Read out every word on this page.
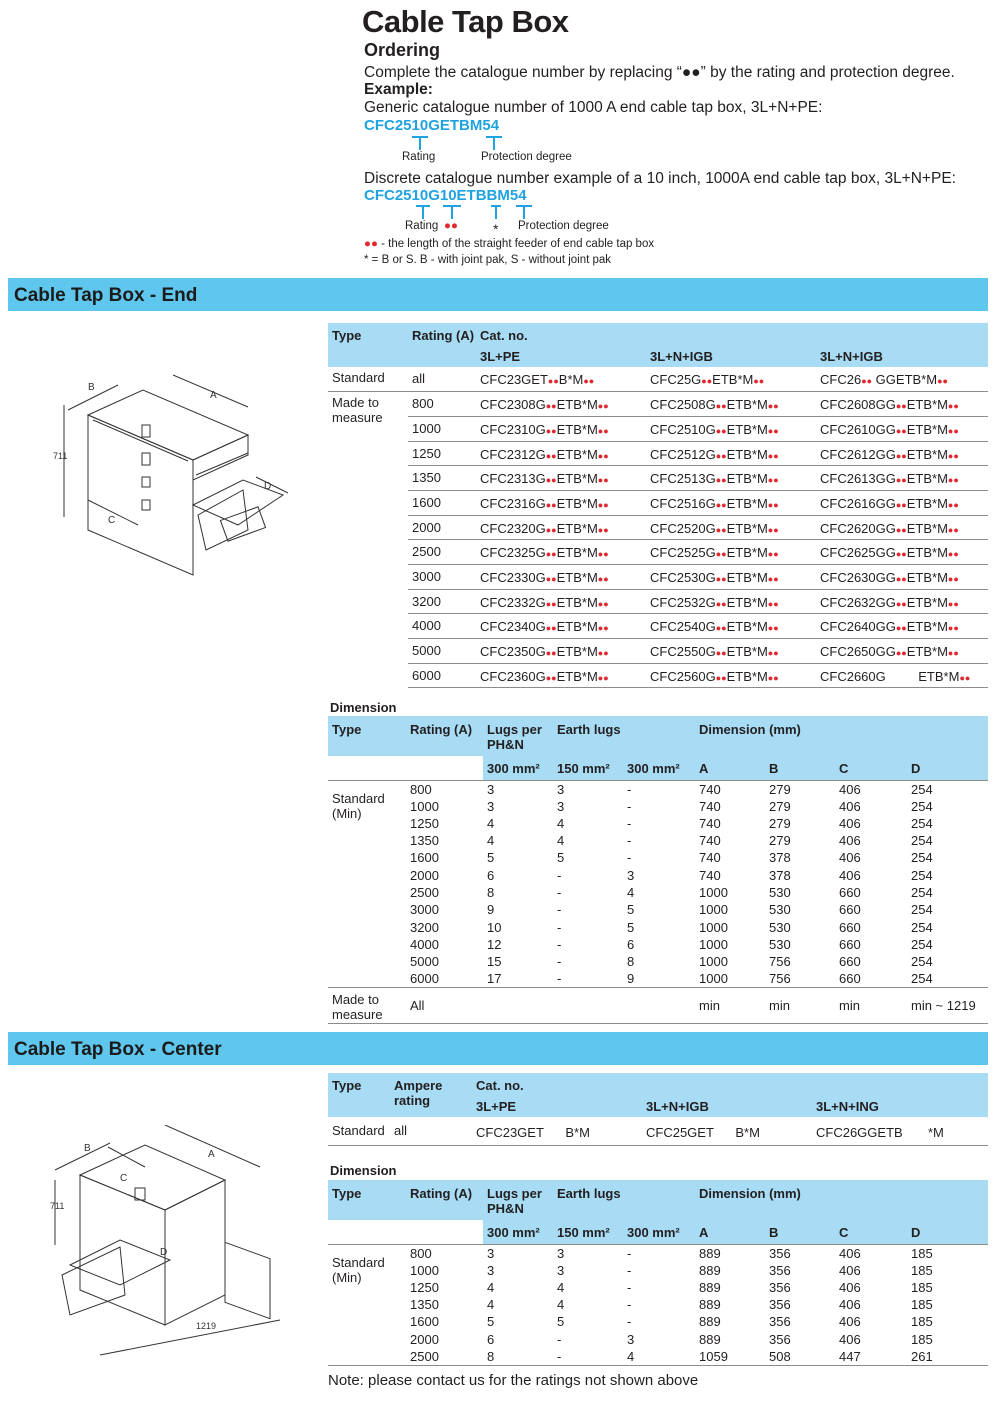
Cable Tap Box
Ordering
Complete the catalogue number by replacing “●●” by the rating and protection degree.
Example:
Generic catalogue number of 1000 A end cable tap box, 3L+N+PE:
CFC2510GETBM54
Rating	Protection degree
Discrete catalogue number example of a 10 inch, 1000A end cable tap box, 3L+N+PE:
CFC2510G10ETBBM54
Rating ●●	* Protection degree
●● - the length of the straight feeder of end cable tap box
* = B or S. B - with joint pak, S - without joint pak
Cable Tap Box - End
B
A
711
C
D
Type	Rating (A)	Cat. no.		
		3L+PE	3L+N+IGB	3L+N+IGB
Standard	all	CFC23GET●●B*M●●	CFC25G●●ETB*M●●	CFC26●● GGETB*M●●
Made to measure	800	CFC2308G●●ETB*M●●	CFC2508G●●ETB*M●●	CFC2608GG●●ETB*M●●
	1000	CFC2310G●●ETB*M●●	CFC2510G●●ETB*M●●	CFC2610GG●●ETB*M●●
	1250	CFC2312G●●ETB*M●●	CFC2512G●●ETB*M●●	CFC2612GG●●ETB*M●●
	1350	CFC2313G●●ETB*M●●	CFC2513G●●ETB*M●●	CFC2613GG●●ETB*M●●
	1600	CFC2316G●●ETB*M●●	CFC2516G●●ETB*M●●	CFC2616GG●●ETB*M●●
	2000	CFC2320G●●ETB*M●●	CFC2520G●●ETB*M●●	CFC2620GG●●ETB*M●●
	2500	CFC2325G●●ETB*M●●	CFC2525G●●ETB*M●●	CFC2625GG●●ETB*M●●
	3000	CFC2330G●●ETB*M●●	CFC2530G●●ETB*M●●	CFC2630GG●●ETB*M●●
	3200	CFC2332G●●ETB*M●●	CFC2532G●●ETB*M●●	CFC2632GG●●ETB*M●●
	4000	CFC2340G●●ETB*M●●	CFC2540G●●ETB*M●●	CFC2640GG●●ETB*M●●
	5000	CFC2350G●●ETB*M●●	CFC2550G●●ETB*M●●	CFC2650GG●●ETB*M●●
	6000	CFC2360G●●ETB*M●●	CFC2560G●●ETB*M●●	CFC2660G         ETB*M●●
Dimension
Type	Rating (A)	Lugs per PH&N	Earth lugs		Dimension (mm)			
		300 mm²	150 mm²	300 mm²	A	B	C	D
Standard (Min)	800	3	3	-	740	279	406	254
	1000	3	3	-	740	279	406	254
	1250	4	4	-	740	279	406	254
	1350	4	4	-	740	279	406	254
	1600	5	5	-	740	378	406	254
	2000	6	-	3	740	378	406	254
	2500	8	-	4	1000	530	660	254
	3000	9	-	5	1000	530	660	254
	3200	10	-	5	1000	530	660	254
	4000	12	-	6	1000	530	660	254
	5000	15	-	8	1000	756	660	254
	6000	17	-	9	1000	756	660	254
Made to measure	All				min	min	min	min ~ 1219
Cable Tap Box - Center
B
A
711
C
D
1219
Type	Ampere rating	Cat. no.		
		3L+PE	3L+N+IGB	3L+N+ING
Standard	all	CFC23GET      B*M	CFC25GET      B*M	CFC26GGETB       *M
Dimension
Type	Rating (A)	Lugs per PH&N	Earth lugs		Dimension (mm)			
		300 mm²	150 mm²	300 mm²	A	B	C	D
Standard (Min)	800	3	3	-	889	356	406	185
	1000	3	3	-	889	356	406	185
	1250	4	4	-	889	356	406	185
	1350	4	4	-	889	356	406	185
	1600	5	5	-	889	356	406	185
	2000	6	-	3	889	356	406	185
	2500	8	-	4	1059	508	447	261
Note: please contact us for the ratings not shown above
